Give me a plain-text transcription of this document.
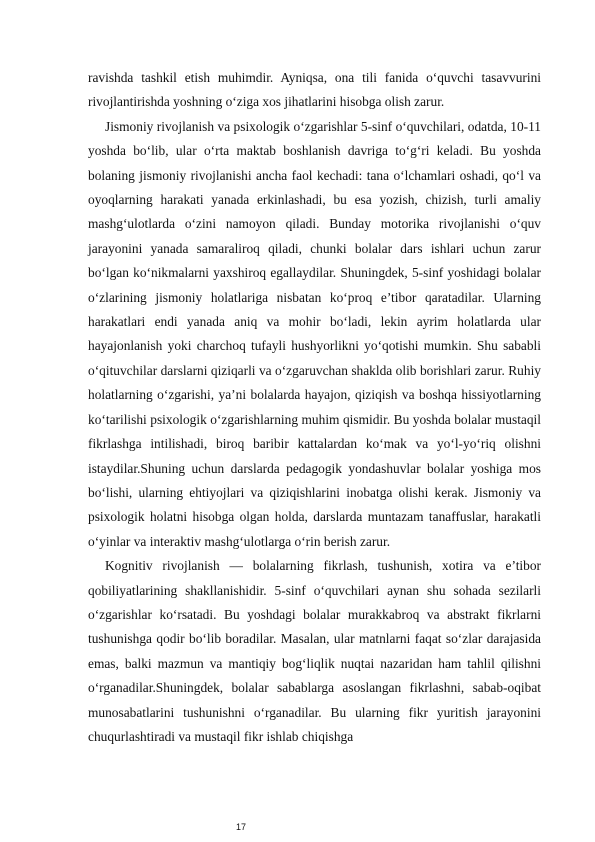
ravishda tashkil etish muhimdir. Ayniqsa, ona tili fanida o‘quvchi tasavvurini rivojlantirishda yoshning o‘ziga xos jihatlarini hisobga olish zarur.

Jismoniy rivojlanish va psixologik o‘zgarishlar 5-sinf o‘quvchilari, odatda, 10-11 yoshda bo‘lib, ular o‘rta maktab boshlanish davriga to‘g‘ri keladi. Bu yoshda bolaning jismoniy rivojlanishi ancha faol kechadi: tana o‘lchamlari oshadi, qo‘l va oyoqlarning harakati yanada erkinlashadi, bu esa yozish, chizish, turli amaliy mashg‘ulotlarda o‘zini namoyon qiladi. Bunday motorika rivojlanishi o‘quv jarayonini yanada samaraliroq qiladi, chunki bolalar dars ishlari uchun zarur bo‘lgan ko‘nikmalarni yaxshiroq egallaydilar. Shuningdek, 5-sinf yoshidagi bolalar o‘zlarining jismoniy holatlariga nisbatan ko‘proq e’tibor qaratadilar. Ularning harakatlari endi yanada aniq va mohir bo‘ladi, lekin ayrim holatlarda ular hayajonlanish yoki charchoq tufayli hushyorlikni yo‘qotishi mumkin. Shu sababli o‘qituvchilar darslarni qiziqarli va o‘zgaruvchan shaklda olib borishlari zarur. Ruhiy holatlarning o‘zgarishi, ya’ni bolalarda hayajon, qiziqish va boshqa hissiyotlarning ko‘tarilishi psixologik o‘zgarishlarning muhim qismidir. Bu yoshda bolalar mustaqil fikrlashga intilishadi, biroq baribir kattalardan ko‘mak va yo‘l-yo‘riq olishni istaydilar.Shuning uchun darslarda pedagogik yondashuvlar bolalar yoshiga mos bo‘lishi, ularning ehtiyojlari va qiziqishlarini inobatga olishi kerak. Jismoniy va psixologik holatni hisobga olgan holda, darslarda muntazam tanaffuslar, harakatli o‘yinlar va interaktiv mashg‘ulotlarga o‘rin berish zarur.

Kognitiv rivojlanish — bolalarning fikrlash, tushunish, xotira va e’tibor qobiliyatlarining shakllanishidir. 5-sinf o‘quvchilari aynan shu sohada sezilarli o‘zgarishlar ko‘rsatadi. Bu yoshdagi bolalar murakkabroq va abstrakt fikrlarni tushunishga qodir bo‘lib boradilar. Masalan, ular matnlarni faqat so‘zlar darajasida emas, balki mazmun va mantiqiy bog‘liqlik nuqtai nazaridan ham tahlil qilishni o‘rganadilar.Shuningdek, bolalar sabablarga asoslangan fikrlashni, sabab-oqibat munosabatlarini tushunishni o‘rganadilar. Bu ularning fikr yuritish jarayonini chuqurlashtiradi va mustaqil fikr ishlab chiqishga

17
